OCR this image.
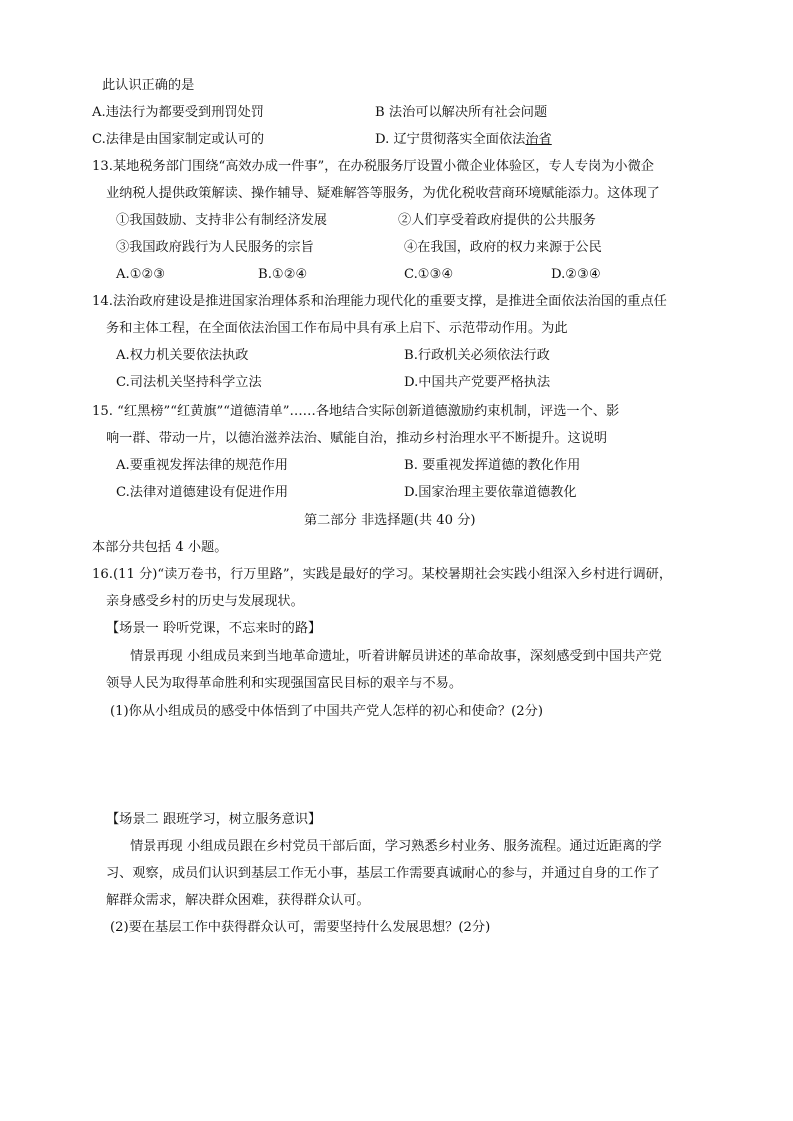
此认识正确的是
A.违法行为都要受到刑罚处罚	B 法治可以解决所有社会问题
C.法律是由国家制定或认可的	D. 辽宁贯彻落实全面依法治省
13.某地税务部门围绕“高效办成一件事”，在办税服务厅设置小微企业体验区，专人专岗为小微企
业纳税人提供政策解读、操作辅导、疑难解答等服务，为优化税收营商环境赋能添力。这体现了
①我国鼓励、支持非公有制经济发展	②人们享受着政府提供的公共服务
③我国政府践行为人民服务的宗旨	④在我国，政府的权力来源于公民
A.①②③	B.①②④	C.①③④	D.②③④
14.法治政府建设是推进国家治理体系和治理能力现代化的重要支撑，是推进全面依法治国的重点任
务和主体工程，在全面依法治国工作布局中具有承上启下、示范带动作用。为此
A.权力机关要依法执政	B.行政机关必须依法行政
C.司法机关坚持科学立法	D.中国共产党要严格执法
15. “红黑榜”“红黄旗”“道德清单”……各地结合实际创新道德激励约束机制，评选一个、影
响一群、带动一片，以德治滋养法治、赋能自治，推动乡村治理水平不断提升。这说明
A.要重视发挥法律的规范作用	B. 要重视发挥道德的教化作用
C.法律对道德建设有促进作用	D.国家治理主要依靠道德教化
第二部分 非选择题(共 40 分)
本部分共包括 4 小题。
16.(11 分)“读万卷书，行万里路”，实践是最好的学习。某校暑期社会实践小组深入乡村进行调研，
亲身感受乡村的历史与发展现状。
【场景一 聆听党课，不忘来时的路】
情景再现 小组成员来到当地革命遗址，听着讲解员讲述的革命故事，深刻感受到中国共产党
领导人民为取得革命胜利和实现强国富民目标的艰辛与不易。
(1)你从小组成员的感受中体悟到了中国共产党人怎样的初心和使命？(2分)
【场景二 跟班学习，树立服务意识】
情景再现 小组成员跟在乡村党员干部后面，学习熟悉乡村业务、服务流程。通过近距离的学
习、观察，成员们认识到基层工作无小事，基层工作需要真诚耐心的参与，并通过自身的工作了
解群众需求，解决群众困难，获得群众认可。
(2)要在基层工作中获得群众认可，需要坚持什么发展思想？(2分)
